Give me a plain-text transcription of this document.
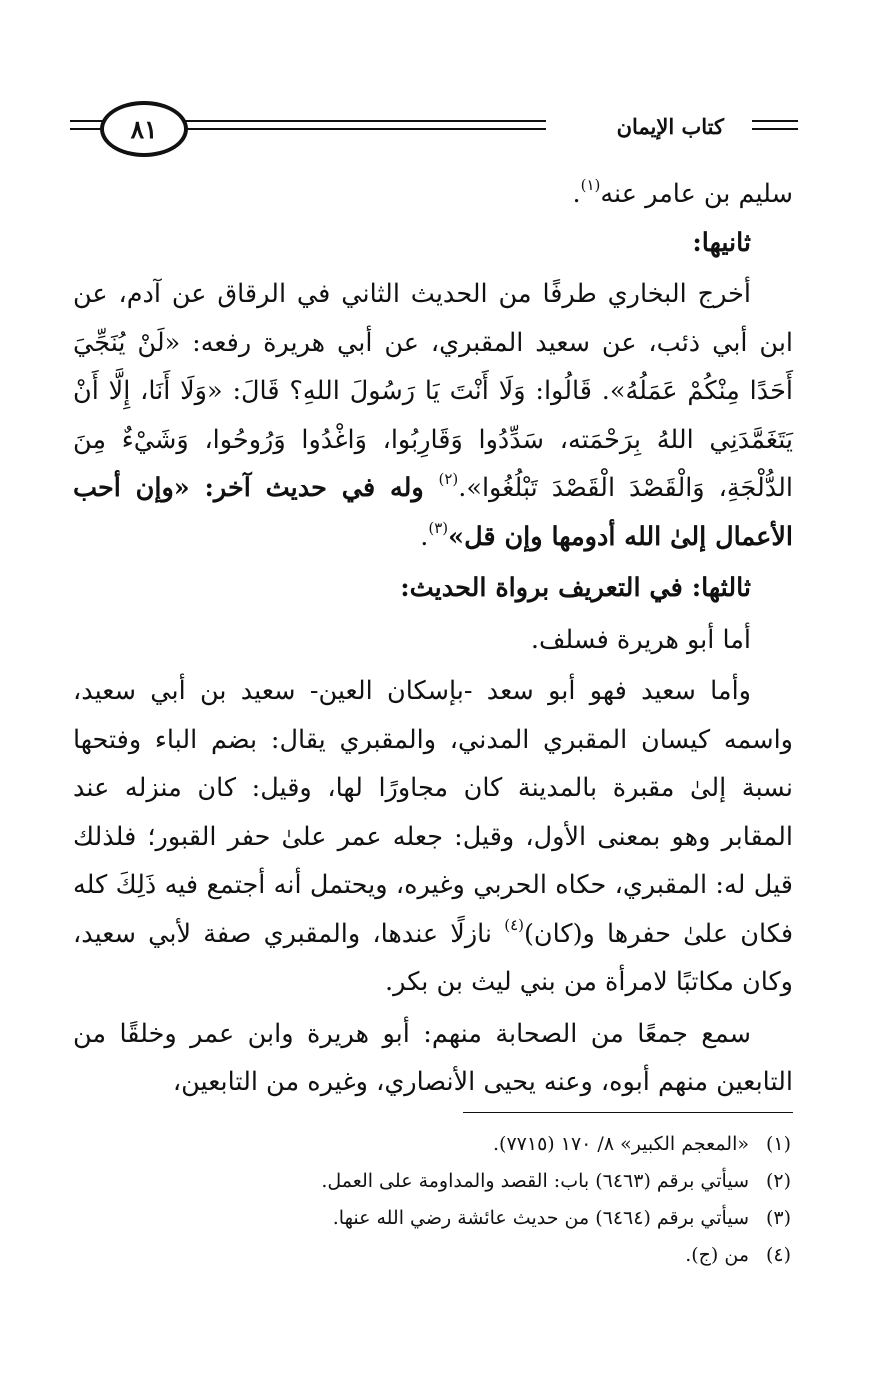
كتاب الإيمان
٨١

سليم بن عامر عنه$^{(١)}$.

ثانيها:

أخرج البخاري طرفًا من الحديث الثاني في الرقاق عن آدم، عن ابن أبي ذئب، عن سعيد المقبري، عن أبي هريرة رفعه: «لَنْ يُنَجِّيَ أَحَدًا مِنْكُمْ عَمَلُهُ». قَالُوا: وَلَا أَنْتَ يَا رَسُولَ اللهِ؟ قَالَ: «وَلَا أَنَا، إِلَّا أَنْ يَتَغَمَّدَنِي اللهُ بِرَحْمَته، سَدِّدُوا وَقَارِبُوا، وَاغْدُوا وَرُوحُوا، وَشَيْءٌ مِنَ الدُّلْجَةِ، وَالْقَصْدَ الْقَصْدَ تَبْلُغُوا».$^{(٢)}$ وله في حديث آخر: «وإن أحب الأعمال إلىٰ الله أدومها وإن قل»$^{(٣)}$.

ثالثها: في التعريف برواة الحديث:

أما أبو هريرة فسلف.

وأما سعيد فهو أبو سعد -بإسكان العين- سعيد بن أبي سعيد، واسمه كيسان المقبري المدني، والمقبري يقال: بضم الباء وفتحها نسبة إلىٰ مقبرة بالمدينة كان مجاورًا لها، وقيل: كان منزله عند المقابر وهو بمعنى الأول، وقيل: جعله عمر علىٰ حفر القبور؛ فلذلك قيل له: المقبري، حكاه الحربي وغيره، ويحتمل أنه أجتمع فيه ذَلِكَ كله فكان علىٰ حفرها و(كان)$^{(٤)}$ نازلًا عندها، والمقبري صفة لأبي سعيد، وكان مكاتبًا لامرأة من بني ليث بن بكر.

سمع جمعًا من الصحابة منهم: أبو هريرة وابن عمر وخلقًا من التابعين منهم أبوه، وعنه يحيى الأنصاري، وغيره من التابعين،

(١)
«المعجم الكبير» ٨/ ١٧٠ (٧٧١٥).
(٢)
سيأتي برقم (٦٤٦٣) باب: القصد والمداومة على العمل.
(٣)
سيأتي برقم (٦٤٦٤) من حديث عائشة رضي الله عنها.
(٤)
من (ج).
